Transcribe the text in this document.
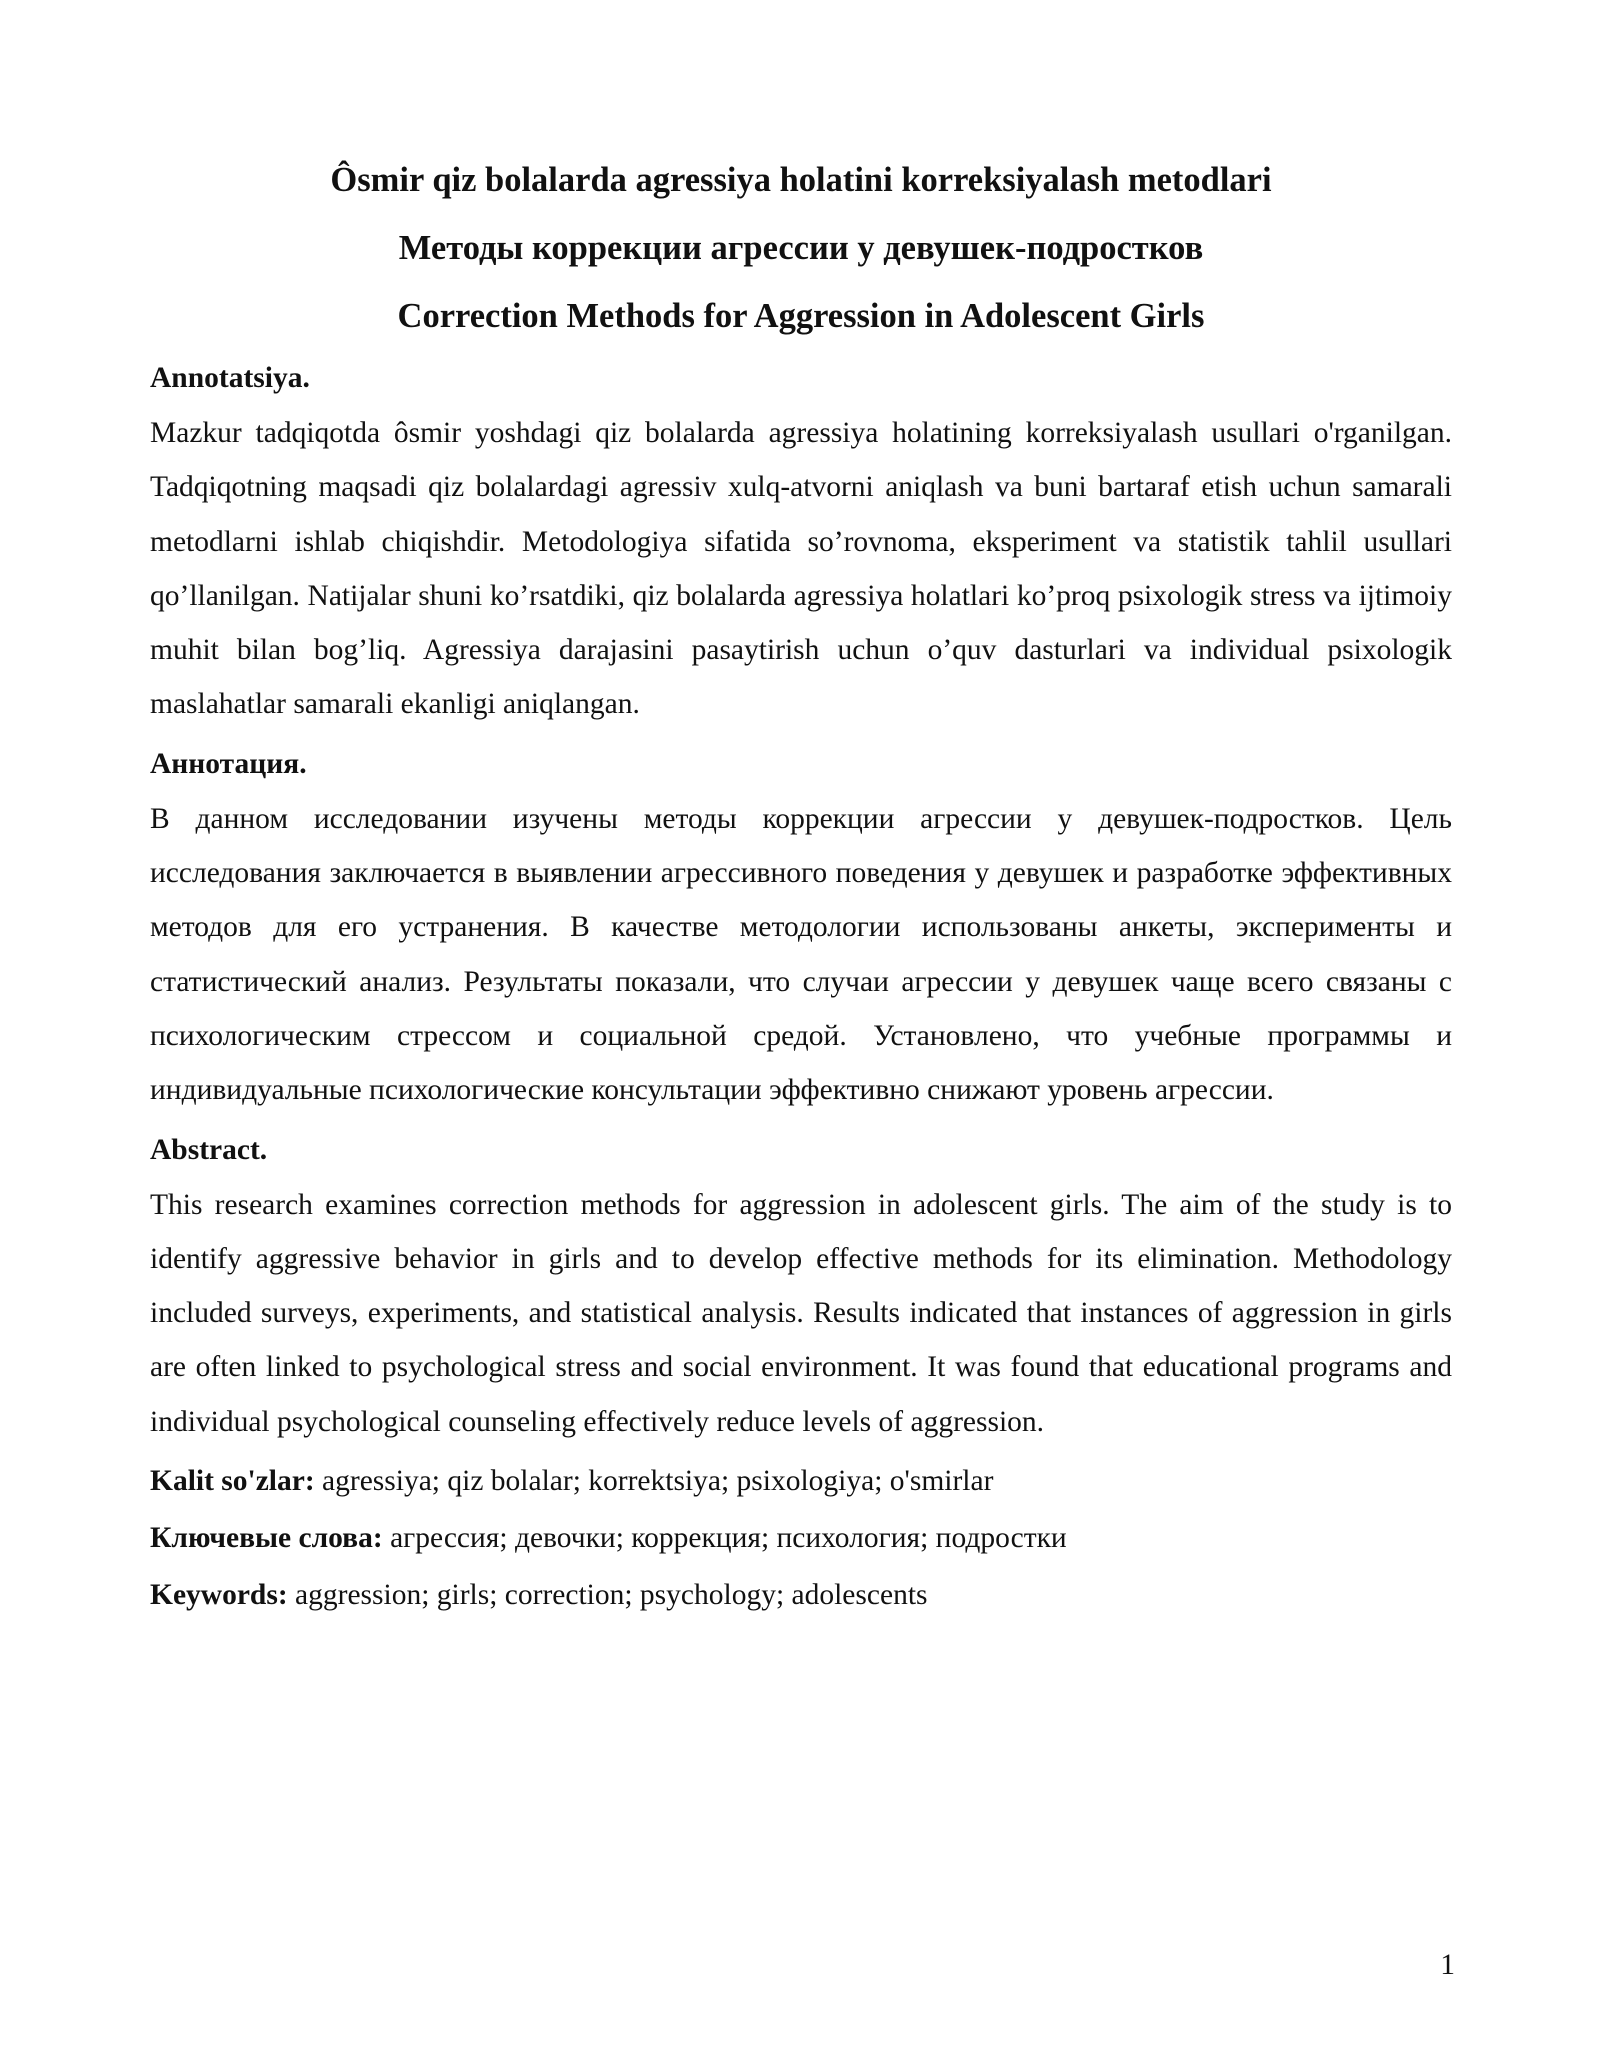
Ôsmir qiz bolalarda agressiya holatini korreksiyalash metodlari
Методы коррекции агрессии у девушек-подростков
Correction Methods for Aggression in Adolescent Girls

Annotatsiya.

Mazkur tadqiqotda ôsmir yoshdagi qiz bolalarda agressiya holatining korreksiyalash usullari o'rganilgan. Tadqiqotning maqsadi qiz bolalardagi agressiv xulq-atvorni aniqlash va buni bartaraf etish uchun samarali metodlarni ishlab chiqishdir. Metodologiya sifatida so’rovnoma, eksperiment va statistik tahlil usullari qo’llanilgan. Natijalar shuni ko’rsatdiki, qiz bolalarda agressiya holatlari ko’proq psixologik stress va ijtimoiy muhit bilan bog’liq. Agressiya darajasini pasaytirish uchun o’quv dasturlari va individual psixologik maslahatlar samarali ekanligi aniqlangan.

Аннотация.

В данном исследовании изучены методы коррекции агрессии у девушек-подростков. Цель исследования заключается в выявлении агрессивного поведения у девушек и разработке эффективных методов для его устранения. В качестве методологии использованы анкеты, эксперименты и статистический анализ. Результаты показали, что случаи агрессии у девушек чаще всего связаны с психологическим стрессом и социальной средой. Установлено, что учебные программы и индивидуальные психологические консультации эффективно снижают уровень агрессии.

Abstract.

This research examines correction methods for aggression in adolescent girls. The aim of the study is to identify aggressive behavior in girls and to develop effective methods for its elimination. Methodology included surveys, experiments, and statistical analysis. Results indicated that instances of aggression in girls are often linked to psychological stress and social environment. It was found that educational programs and individual psychological counseling effectively reduce levels of aggression.

Kalit so'zlar: agressiya; qiz bolalar; korrektsiya; psixologiya; o'smirlar

Ключевые слова: агрессия; девочки; коррекция; психология; подростки

Keywords: aggression; girls; correction; psychology; adolescents

1
